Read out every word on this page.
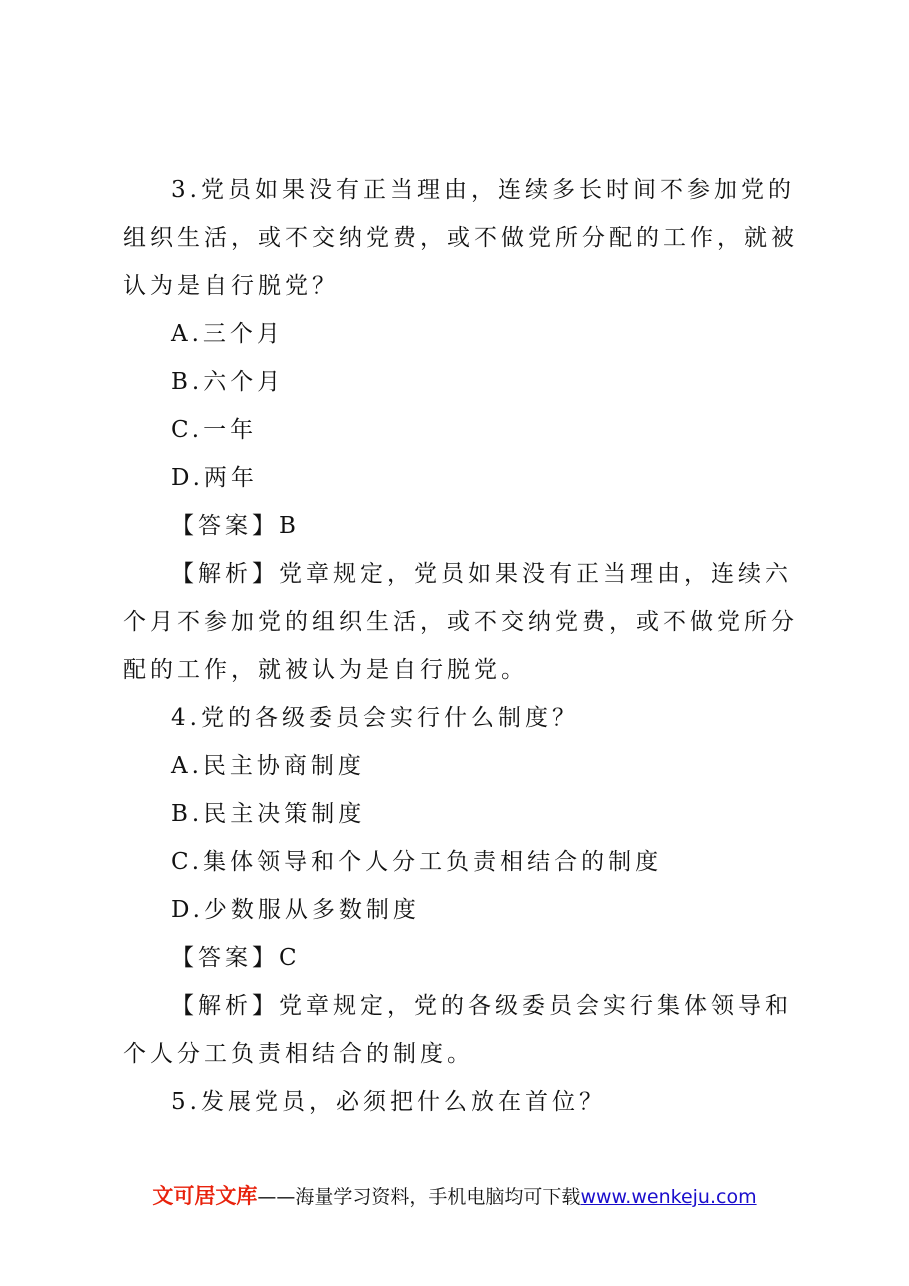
3.党员如果没有正当理由，连续多长时间不参加党的组织生活，或不交纳党费，或不做党所分配的工作，就被认为是自行脱党？

A.三个月

B.六个月

C.一年

D.两年

【答案】B

【解析】党章规定，党员如果没有正当理由，连续六个月不参加党的组织生活，或不交纳党费，或不做党所分配的工作，就被认为是自行脱党。

4.党的各级委员会实行什么制度？

A.民主协商制度

B.民主决策制度

C.集体领导和个人分工负责相结合的制度

D.少数服从多数制度

【答案】C

【解析】党章规定，党的各级委员会实行集体领导和个人分工负责相结合的制度。

5.发展党员，必须把什么放在首位？

文可居文库——海量学习资料，手机电脑均可下载www.wenkeju.com
